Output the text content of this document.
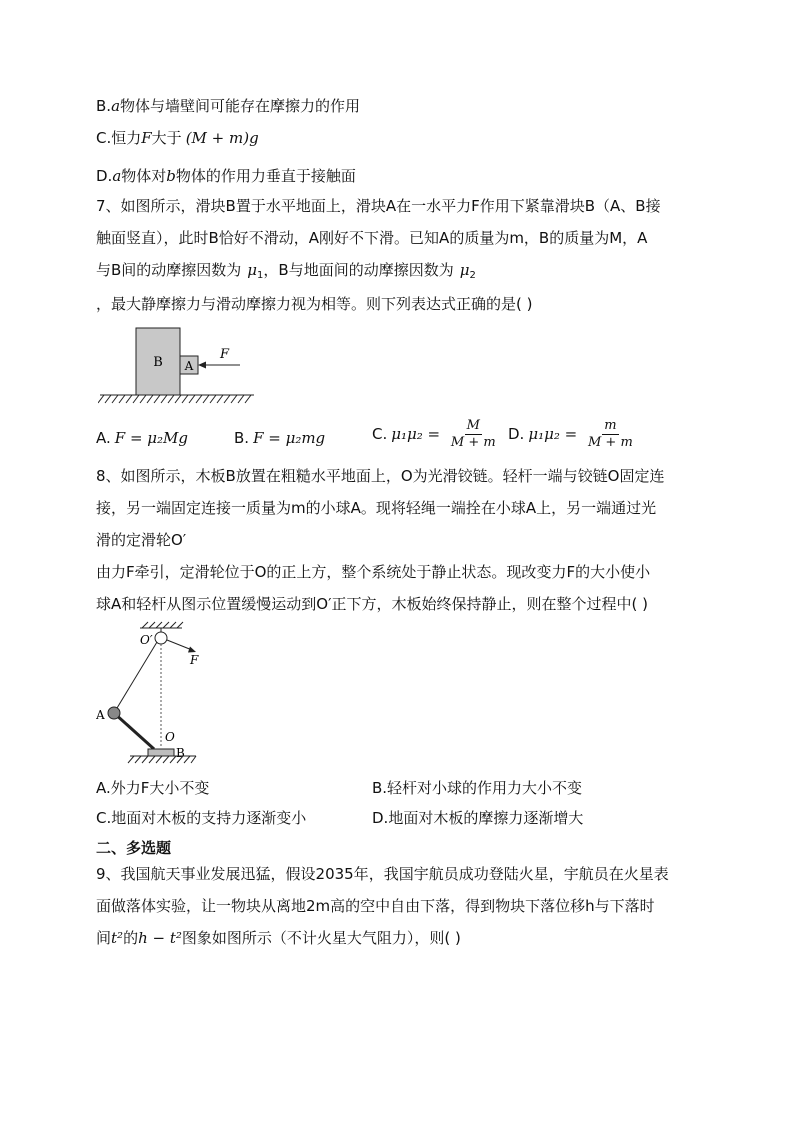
B.a物体与墙壁间可能存在摩擦力的作用
C.恒力F大于 (M + m)g
D.a物体对b物体的作用力垂直于接触面
7、如图所示，滑块B置于水平地面上，滑块A在一水平力F作用下紧靠滑块B（A、B接
触面竖直），此时B恰好不滑动，A刚好不下滑。已知A的质量为m，B的质量为M，A
与B间的动摩擦因数为 $\mu_1$，B与地面间的动摩擦因数为 $\mu_2$
，最大静摩擦力与滑动摩擦力视为相等。则下列表达式正确的是( )
B A
F
A. F = μ₂Mg	B. F = μ₂mg	C. $\mu_1\mu_2 = \frac{M}{M + m} D$. $\mu_1\mu_2 = \frac{m}{M + m}$
8、如图所示，木板B放置在粗糙水平地面上，O为光滑铰链。轻杆一端与铰链O固定连
接，另一端固定连接一质量为m的小球A。现将轻绳一端拴在小球A上，另一端通过光
滑的定滑轮O′
由力F牵引，定滑轮位于O的正上方，整个系统处于静止状态。现改变力F的大小使小
球A和轻杆从图示位置缓慢运动到O′正下方，木板始终保持静止，则在整个过程中( )
O′
F
A
O
B
A.外力F大小不变	B.轻杆对小球的作用力大小不变
C.地面对木板的支持力逐渐变小	D.地面对木板的摩擦力逐渐增大
二、多选题
9、我国航天事业发展迅猛，假设2035年，我国宇航员成功登陆火星，宇航员在火星表
面做落体实验，让一物块从离地2m高的空中自由下落，得到物块下落位移h与下落时
间t²的h − t²图象如图所示（不计火星大气阻力），则( )
